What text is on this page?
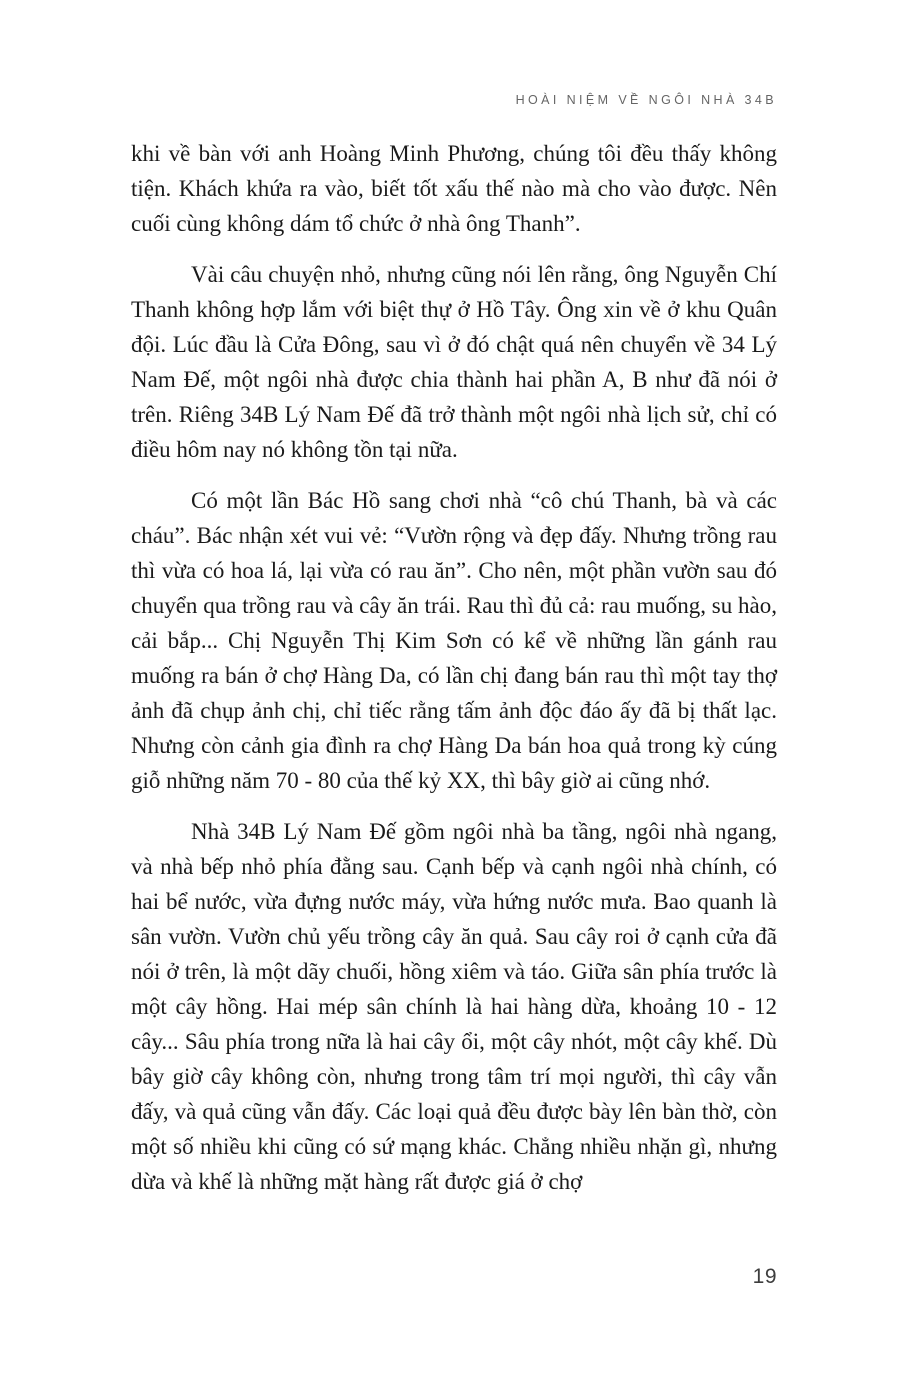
HOÀI NIỆM VỀ NGÔI NHÀ 34B

khi về bàn với anh Hoàng Minh Phương, chúng tôi đều thấy không tiện. Khách khứa ra vào, biết tốt xấu thế nào mà cho vào được. Nên cuối cùng không dám tổ chức ở nhà ông Thanh”.

Vài câu chuyện nhỏ, nhưng cũng nói lên rằng, ông Nguyễn Chí Thanh không hợp lắm với biệt thự ở Hồ Tây. Ông xin về ở khu Quân đội. Lúc đầu là Cửa Đông, sau vì ở đó chật quá nên chuyển về 34 Lý Nam Đế, một ngôi nhà được chia thành hai phần A, B như đã nói ở trên. Riêng 34B Lý Nam Đế đã trở thành một ngôi nhà lịch sử, chỉ có điều hôm nay nó không tồn tại nữa.

Có một lần Bác Hồ sang chơi nhà “cô chú Thanh, bà và các cháu”. Bác nhận xét vui vẻ: “Vườn rộng và đẹp đấy. Nhưng trồng rau thì vừa có hoa lá, lại vừa có rau ăn”. Cho nên, một phần vườn sau đó chuyển qua trồng rau và cây ăn trái. Rau thì đủ cả: rau muống, su hào, cải bắp... Chị Nguyễn Thị Kim Sơn có kể về những lần gánh rau muống ra bán ở chợ Hàng Da, có lần chị đang bán rau thì một tay thợ ảnh đã chụp ảnh chị, chỉ tiếc rằng tấm ảnh độc đáo ấy đã bị thất lạc. Nhưng còn cảnh gia đình ra chợ Hàng Da bán hoa quả trong kỳ cúng giỗ những năm 70 - 80 của thế kỷ XX, thì bây giờ ai cũng nhớ.

Nhà 34B Lý Nam Đế gồm ngôi nhà ba tầng, ngôi nhà ngang, và nhà bếp nhỏ phía đằng sau. Cạnh bếp và cạnh ngôi nhà chính, có hai bể nước, vừa đựng nước máy, vừa hứng nước mưa. Bao quanh là sân vườn. Vườn chủ yếu trồng cây ăn quả. Sau cây roi ở cạnh cửa đã nói ở trên, là một dãy chuối, hồng xiêm và táo. Giữa sân phía trước là một cây hồng. Hai mép sân chính là hai hàng dừa, khoảng 10 - 12 cây... Sâu phía trong nữa là hai cây ổi, một cây nhót, một cây khế. Dù bây giờ cây không còn, nhưng trong tâm trí mọi người, thì cây vẫn đấy, và quả cũng vẫn đấy. Các loại quả đều được bày lên bàn thờ, còn một số nhiều khi cũng có sứ mạng khác. Chẳng nhiều nhặn gì, nhưng dừa và khế là những mặt hàng rất được giá ở chợ

19
